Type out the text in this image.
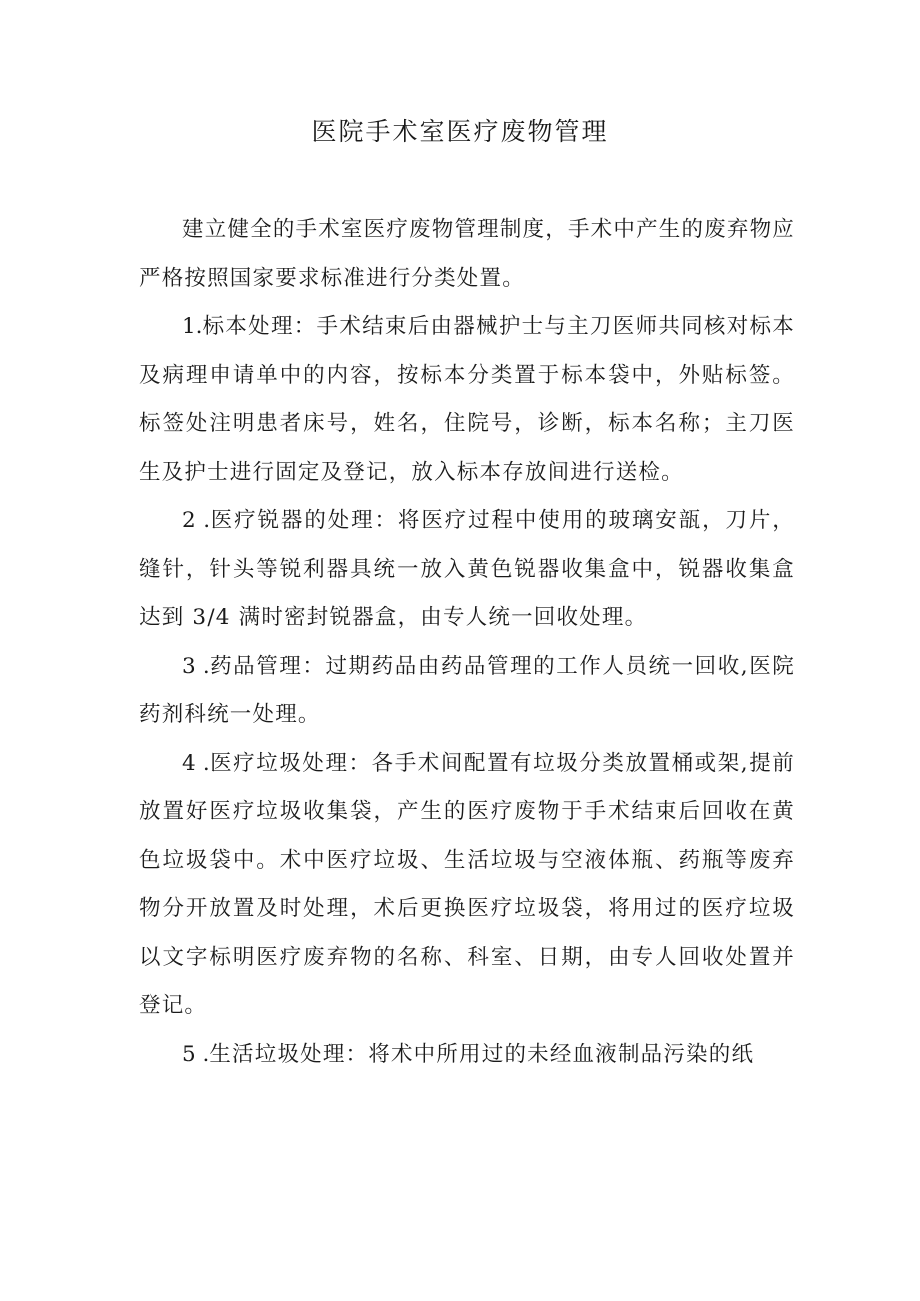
医院手术室医疗废物管理

建立健全的手术室医疗废物管理制度，手术中产生的废弃物应严格按照国家要求标准进行分类处置。

1.标本处理：手术结束后由器械护士与主刀医师共同核对标本及病理申请单中的内容，按标本分类置于标本袋中，外贴标签。标签处注明患者床号，姓名，住院号，诊断，标本名称；主刀医生及护士进行固定及登记，放入标本存放间进行送检。

2 .医疗锐器的处理：将医疗过程中使用的玻璃安瓿，刀片，缝针，针头等锐利器具统一放入黄色锐器收集盒中，锐器收集盒达到 3/4 满时密封锐器盒，由专人统一回收处理。

3 .药品管理：过期药品由药品管理的工作人员统一回收,医院药剂科统一处理。

4 .医疗垃圾处理：各手术间配置有垃圾分类放置桶或架,提前放置好医疗垃圾收集袋，产生的医疗废物于手术结束后回收在黄色垃圾袋中。术中医疗垃圾、生活垃圾与空液体瓶、药瓶等废弃物分开放置及时处理，术后更换医疗垃圾袋，将用过的医疗垃圾以文字标明医疗废弃物的名称、科室、日期，由专人回收处置并登记。

5 .生活垃圾处理：将术中所用过的未经血液制品污染的纸
